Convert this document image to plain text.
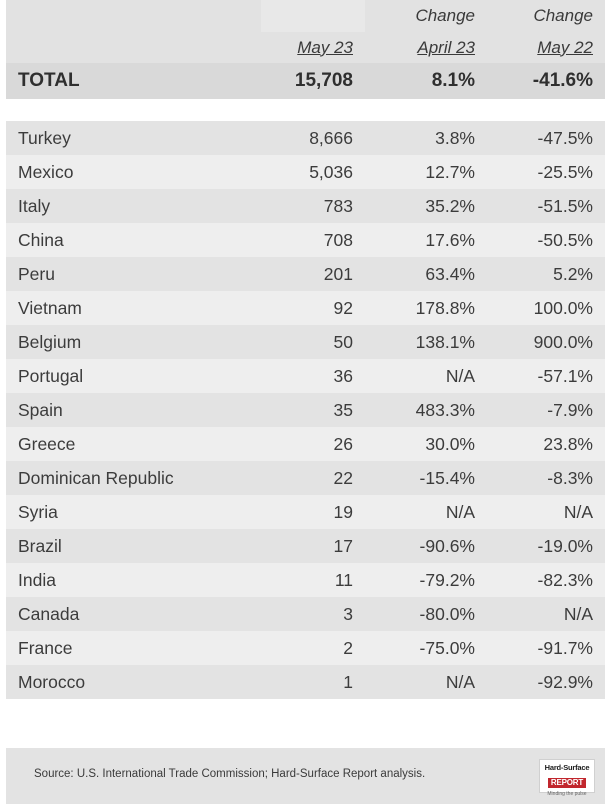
		Change	Change
	May 23	April 23	May 22
TOTAL	15,708	8.1%	-41.6%

Turkey	8,666	3.8%	-47.5%
Mexico	5,036	12.7%	-25.5%
Italy	783	35.2%	-51.5%
China	708	17.6%	-50.5%
Peru	201	63.4%	5.2%
Vietnam	92	178.8%	100.0%
Belgium	50	138.1%	900.0%
Portugal	36	N/A	-57.1%
Spain	35	483.3%	-7.9%
Greece	26	30.0%	23.8%
Dominican Republic	22	-15.4%	-8.3%
Syria	19	N/A	N/A
Brazil	17	-90.6%	-19.0%
India	11	-79.2%	-82.3%
Canada	3	-80.0%	N/A
France	2	-75.0%	-91.7%
Morocco	1	N/A	-92.9%
Source: U.S. International Trade Commission; Hard-Surface Report analysis.
Hard-Surface
REPORT
Minding the pulse
